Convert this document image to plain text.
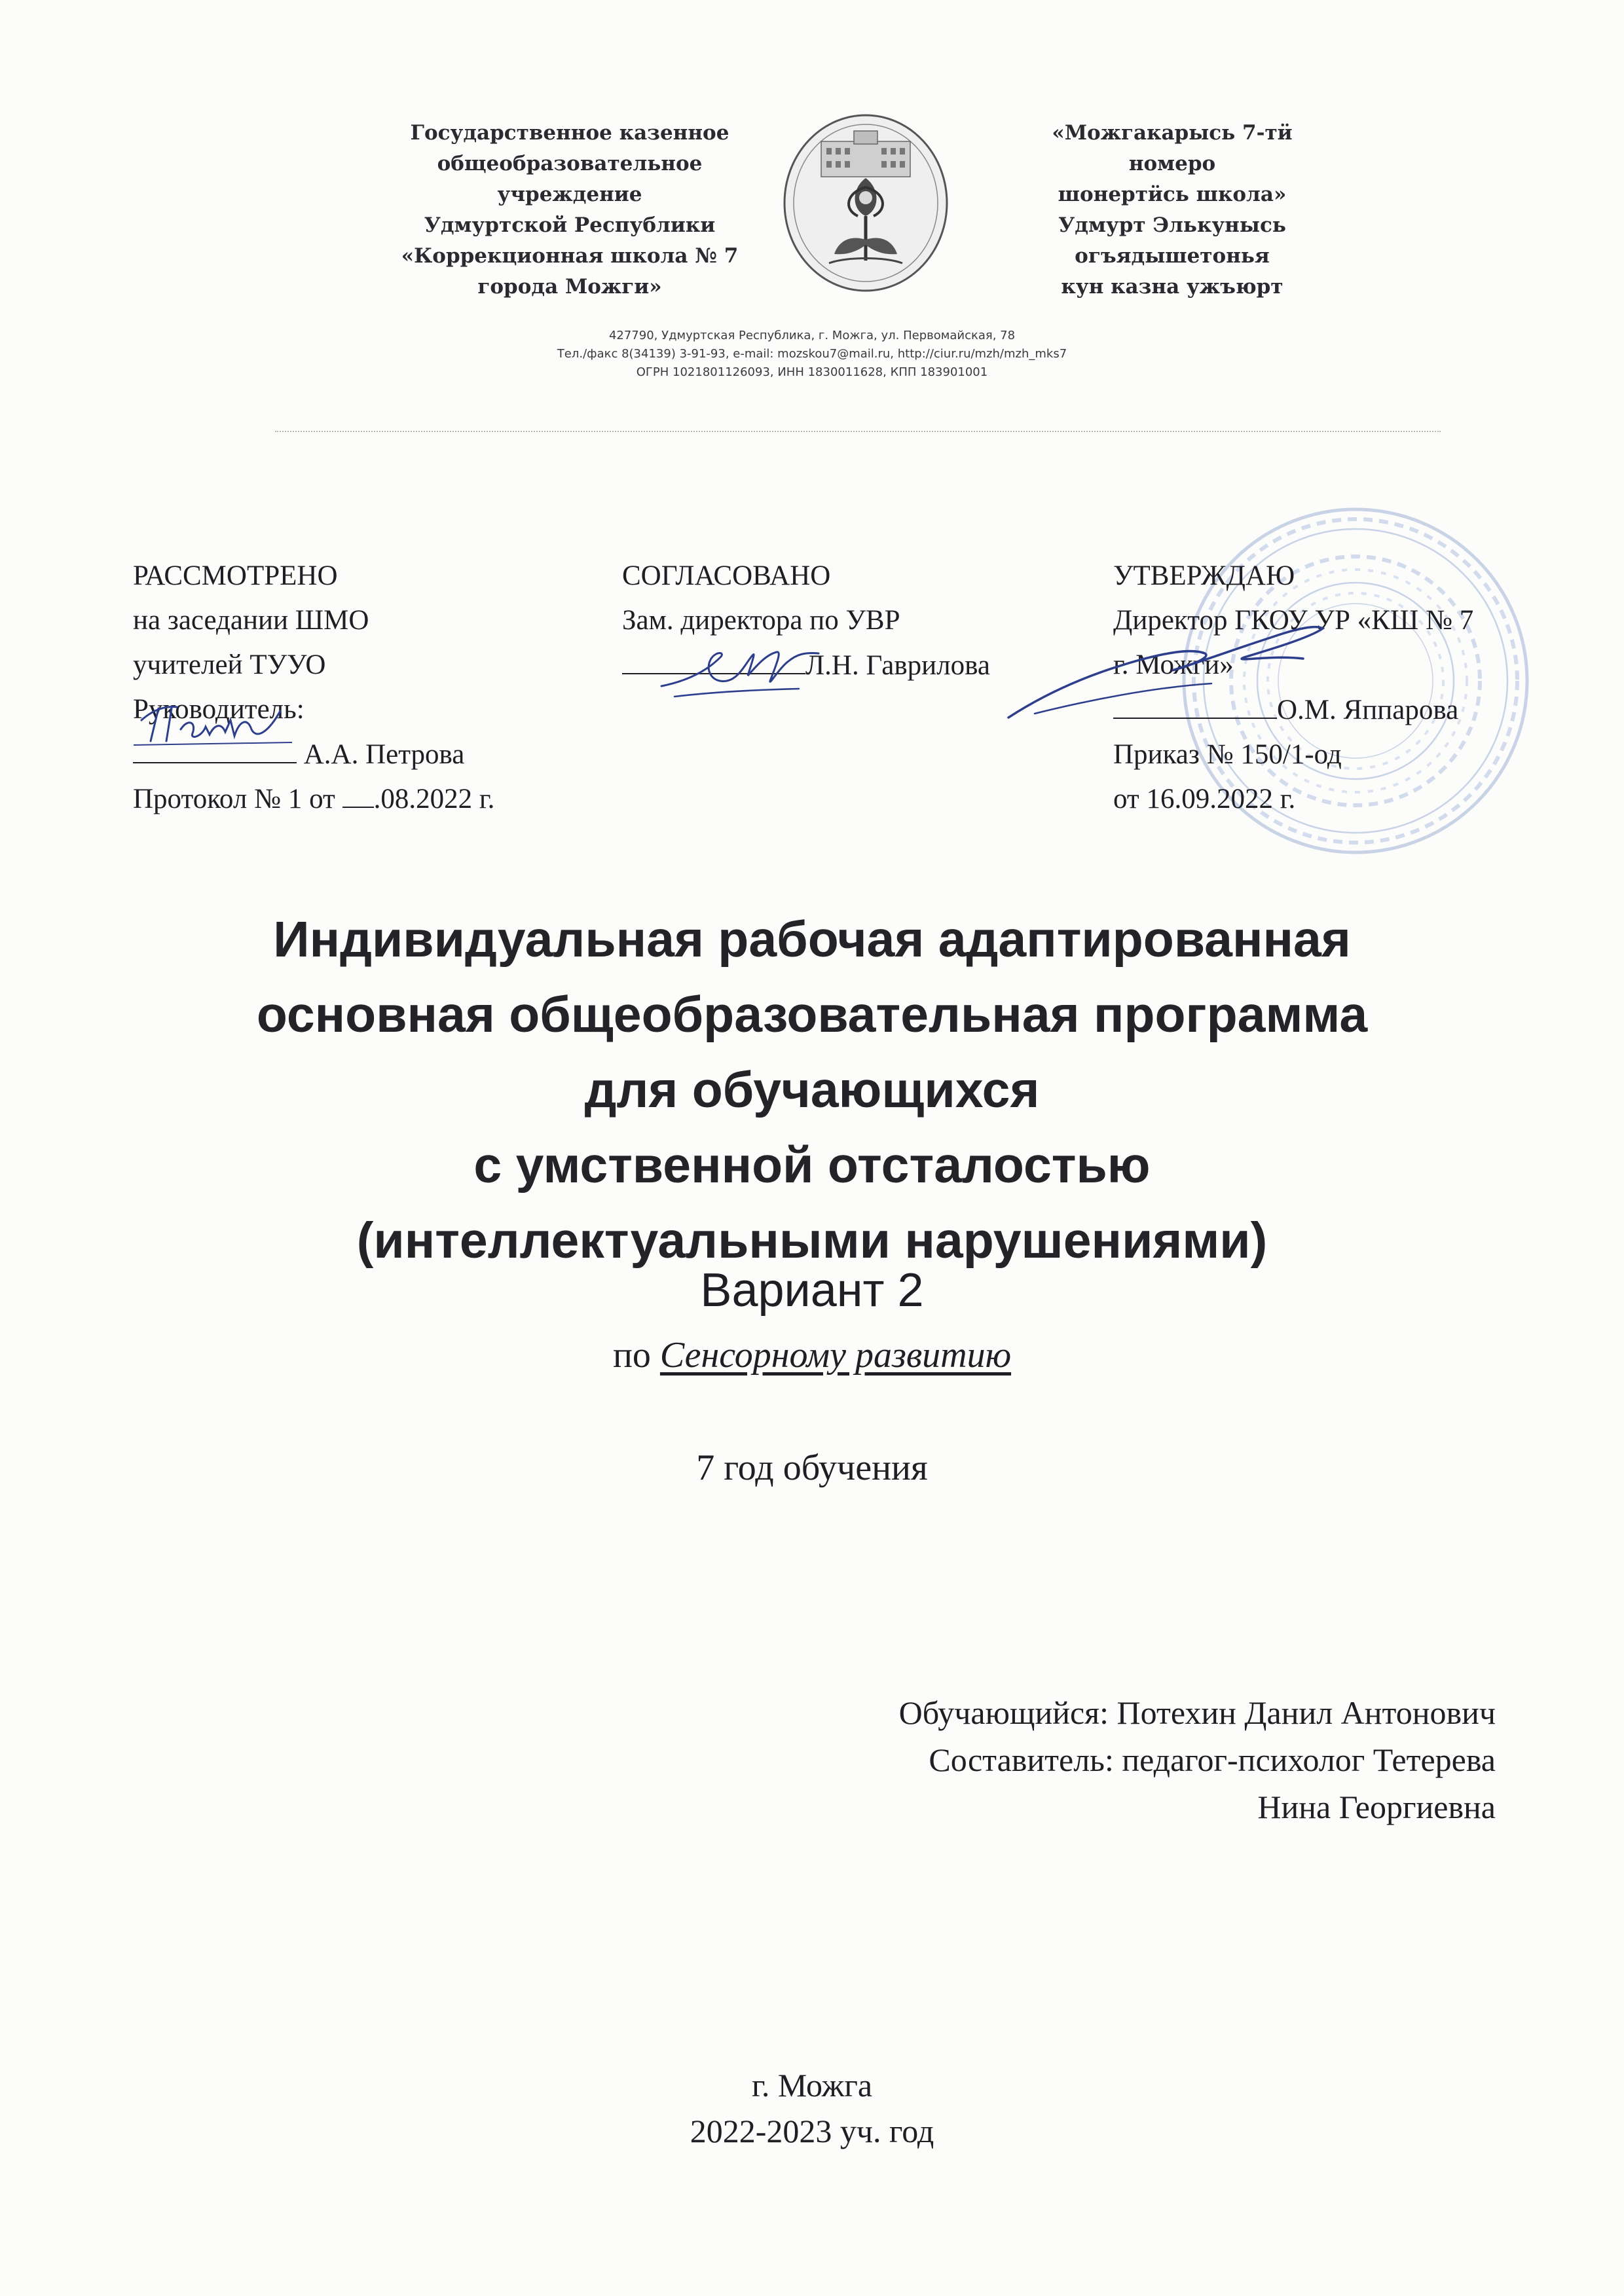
Государственное казенное
общеобразовательное учреждение
Удмуртской Республики
«Коррекционная школа № 7
города Можги»
«Можгакарысь 7-тӥ номеро
шонертӥсь школа»
Удмурт Элькунысь
огъядышетонья
кун казна ужъюрт
427790, Удмуртская Республика, г. Можга, ул. Первомайская, 78
Тел./факс 8(34139) 3-91-93, e-mail: mozskou7@mail.ru, http://ciur.ru/mzh/mzh_mks7
ОГРН 1021801126093, ИНН 1830011628, КПП 183901001
РАССМОТРЕНО
на заседании ШМО
учителей ТУУО
Руководитель:
А.А. Петрова
Протокол № 1 от .08.2022 г.
СОГЛАСОВАНО
Зам. директора по УВР
Л.Н. Гаврилова
УТВЕРЖДАЮ
Директор ГКОУ УР «КШ № 7
г. Можги»
О.М. Яппарова
Приказ № 150/1-од
от 16.09.2022 г.
Индивидуальная рабочая адаптированная
основная общеобразовательная программа
для обучающихся
с умственной отсталостью
(интеллектуальными нарушениями)
Вариант 2
по Сенсорному развитию
7 год обучения
Обучающийся: Потехин Данил Антонович
Составитель: педагог-психолог Тетерева
Нина Георгиевна
г. Можга
2022-2023 уч. год
